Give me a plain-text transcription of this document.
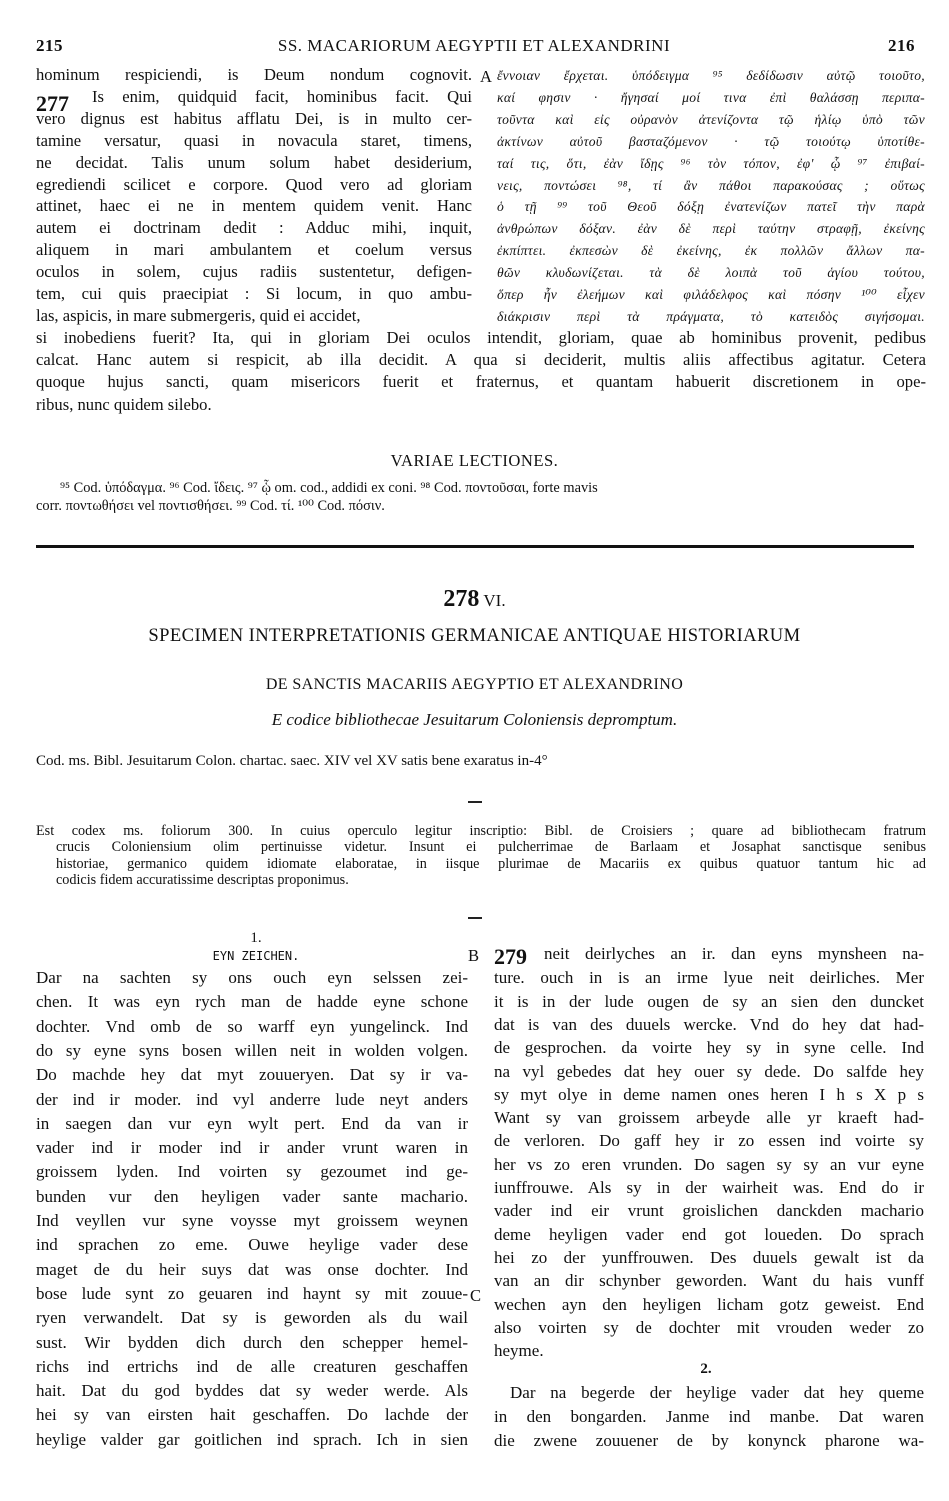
215	SS. MACARIORUM AEGYPTII ET ALEXANDRINI	216
hominum respiciendi, is Deum nondum cognovit.
Is enim, quidquid facit, hominibus facit. Qui
vero dignus est habitus afflatu Dei, is in multo cer-
tamine versatur, quasi in novacula staret, timens,
ne decidat. Talis unum solum habet desiderium,
egrediendi scilicet e corpore. Quod vero ad gloriam
attinet, haec ei ne in mentem quidem venit. Hanc
autem ei doctrinam dedit : Adduc mihi, inquit,
aliquem in mari ambulantem et coelum versus
oculos in solem, cujus radiis sustentetur, defigen-
tem, cui quis praecipiat : Si locum, in quo ambu-
las, aspicis, in mare submergeris, quid ei accidet,
ἔννοιαν ἔρχεται. ὑπόδειγμα ⁹⁵ δεδίδωσιν αὐτῷ τοιοῦτο,
καί φησιν · ἤγησαί μοί τινα ἐπὶ θαλάσσῃ περιπα-
τοῦντα καὶ εἰς οὐρανὸν ἀτενίζοντα τῷ ἡλίῳ ὑπὸ τῶν
ἀκτίνων αὐτοῦ βασταζόμενον · τῷ τοιούτῳ ὑποτίθε-
ταί τις, ὅτι, ἐὰν ἴδῃς ⁹⁶ τὸν τόπον, ἐφ' ᾧ ⁹⁷ ἐπιβαί-
νεις, ποντώσει ⁹⁸, τί ἂν πάθοι παρακούσας ; οὕτως
ὁ τῇ ⁹⁹ τοῦ Θεοῦ δόξῃ ἐνατενίζων πατεῖ τὴν παρὰ
ἀνθρώπων δόξαν. ἐὰν δὲ περὶ ταύτην στραφῇ, ἐκείνης
ἐκπίπτει. ἐκπεσὼν δὲ ἐκείνης, ἐκ πολλῶν ἄλλων πα-
θῶν κλυδωνίζεται. τὰ δὲ λοιπὰ τοῦ ἁγίου τούτου,
ὅπερ ἦν ἐλεήμων καὶ φιλάδελφος καὶ πόσην ¹⁰⁰ εἶχεν
διάκρισιν περὶ τὰ πράγματα, τὸ κατειδὸς σιγήσομαι.
277
A
si inobediens fuerit? Ita, qui in gloriam Dei oculos intendit, gloriam, quae ab hominibus provenit, pedibus
calcat. Hanc autem si respicit, ab illa decidit. A qua si deciderit, multis aliis affectibus agitatur. Cetera
quoque hujus sancti, quam misericors fuerit et fraternus, et quantam habuerit discretionem in ope-
ribus, nunc quidem silebo.
VARIAE LECTIONES.
⁹⁵ Cod. ὑπόδαγμα. ⁹⁶ Cod. ἴδεις. ⁹⁷ ᾧ om. cod., addidi ex coni. ⁹⁸ Cod. ποντοῦσαι, forte mavis
corr. ποντωθήσει vel ποντισθήσει. ⁹⁹ Cod. τί. ¹⁰⁰ Cod. πόσιν.
278 VI.
SPECIMEN INTERPRETATIONIS GERMANICAE ANTIQUAE HISTORIARUM
DE SANCTIS MACARIIS AEGYPTIO ET ALEXANDRINO
E codice bibliothecae Jesuitarum Coloniensis depromptum.
Cod. ms. Bibl. Jesuitarum Colon. chartac. saec. XIV vel XV satis bene exaratus in-4°
Est codex ms. foliorum 300. In cuius operculo legitur inscriptio: Bibl. de Croisiers ; quare ad bibliothecam fratrum
crucis Coloniensium olim pertinuisse videtur. Insunt ei pulcherrimae de Barlaam et Josaphat sanctisque senibus
historiae, germanico quidem idiomate elaboratae, in iisque plurimae de Macariis ex quibus quatuor tantum hic ad
codicis fidem accuratissime descriptas proponimus.
1.
EYN ZEICHEN.
Dar na sachten sy ons ouch eyn selssen zei-
chen. It was eyn rych man de hadde eyne schone
dochter. Vnd omb de so warff eyn yungelinck. Ind
do sy eyne syns bosen willen neit in wolden volgen.
Do machde hey dat myt zouueryen. Dat sy ir va-
der ind ir moder. ind vyl anderre lude neyt anders
in saegen dan vur eyn wylt pert. End da van ir
vader ind ir moder ind ir ander vrunt waren in
groissem lyden. Ind voirten sy gezoumet ind ge-
bunden vur den heyligen vader sante machario.
Ind veyllen vur syne voysse myt groissem weynen
ind sprachen zo eme. Ouwe heylige vader dese
maget de du heir suys dat was onse dochter. Ind
bose lude synt zo geuaren ind haynt sy mit zouue-
ryen verwandelt. Dat sy is geworden als du wail
sust. Wir bydden dich durch den schepper hemel-
richs ind ertrichs ind de alle creaturen geschaffen
hait. Dat du god byddes dat sy weder werde. Als
hei sy van eirsten hait geschaffen. Do lachde der
heylige valder gar goitlichen ind sprach. Ich in sien
B 279
C
neit deirlyches an ir. dan eyns mynsheen na-
ture. ouch in is an irme lyue neit deirliches. Mer
it is in der lude ougen de sy an sien den duncket
dat is van des duuels wercke. Vnd do hey dat had-
de gesprochen. da voirte hey sy in syne celle. Ind
na vyl gebedes dat hey ouer sy dede. Do salfde hey
sy myt olye in deme namen ones heren I h s X p s
Want sy van groissem arbeyde alle yr kraeft had-
de verloren. Do gaff hey ir zo essen ind voirte sy
her vs zo eren vrunden. Do sagen sy sy an vur eyne
iunffrouwe. Als sy in der wairheit was. End do ir
vader ind eir vrunt groislichen danckden machario
deme heyligen vader end got loueden. Do sprach
hei zo der yunffrouwen. Des duuels gewalt ist da
van an dir schynber geworden. Want du hais vunff
wechen ayn den heyligen licham gotz geweist. End
also voirten sy de dochter mit vrouden weder zo
heyme.
2.
Dar na begerde der heylige vader dat hey queme
in den bongarden. Janme ind manbe. Dat waren
die zwene zouuener de by konynck pharone wa-
